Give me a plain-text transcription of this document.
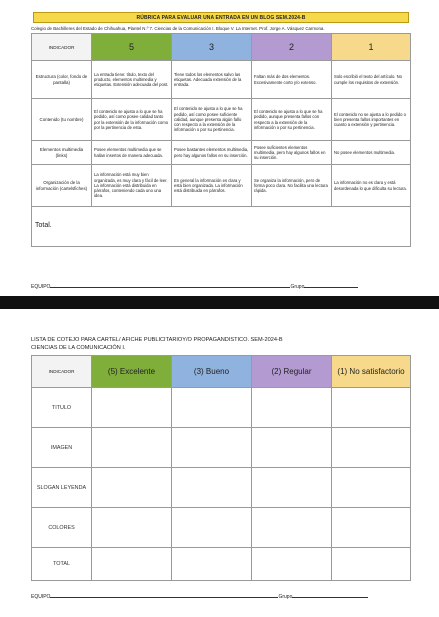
RÚBRICA PARA EVALUAR UNA ENTRADA EN UN BLOG SEM.2024-B
Colegio de Bachilleres del Estado de Chihuahua, Plantel N.º 7. Ciencias de la Comunicación I. Bloque V. La Internet. Prof. Jorge A. Vásquez Carmona.
INDICADOR	5	3	2	1
Estructura (color, fondo de pantalla)	La entrada tiene: título, texto del producto, elementos multimedia y etiquetas. Extensión adecuada del post.	Tiene todos los elementos salvo las etiquetas. Adecuada extensión de la entrada.	Faltan más de dos elementos. Excesivamente corto y/o extenso.	Solo escribió el texto del artículo. No cumple los requisitos de extensión.
Contenido (tu nombre)	El contenido se ajusta a lo que se ha pedido, así como posee calidad tanto por la extensión de la información como por la pertinencia de esta.	El contenido se ajusta a lo que se ha pedido, así como posee suficiente calidad, aunque presenta algún fallo con respecto a la extensión de la información o por su pertinencia.	El contenido se ajusta a lo que se ha pedido, aunque presenta fallos con respecto a la extensión de la información o por su pertinencia.	El contenido no se ajusta a lo pedido o bien presenta fallos importantes en cuanto a extensión y pertinencia.
Elementos multimedia (links)	Posee elementos multimedia que se hallan insertos de manera adecuada.	Posee bastantes elementos multimedia, pero hay algunos fallos en su inserción.	Posee suficientes elementos multimedia, pero hay algunos fallos en su inserción.	No posee elementos multimedia.
Organización de la información (cartelsfiches)	La información está muy bien organizada, es muy clara y fácil de leer. La información está distribuida en párrafos, conteniendo cada uno una idea.	En general la información es clara y está bien organizada. La información está distribuida en párrafos.	Se organiza la información, pero de forma poco clara. No facilita una lectura rápida.	La información no es clara y está desordenada lo que dificulta su lectura.
Total.				
EQUIPO	Grupo
LISTA DE COTEJO PARA CARTEL/ AFICHE PUBLICITARIOY/O PROPAGANDISTICO. SEM-2024-B
CIENCIAS DE LA COMUNICACIÓN I.
INDICADOR	(5) Excelente	(3) Bueno	(2) Regular	(1) No satisfactorio
TITULO				
IMAGEN				
SLOGAN LEYENDA				
COLORES				
TOTAL				
EQUIPO	Grupo
